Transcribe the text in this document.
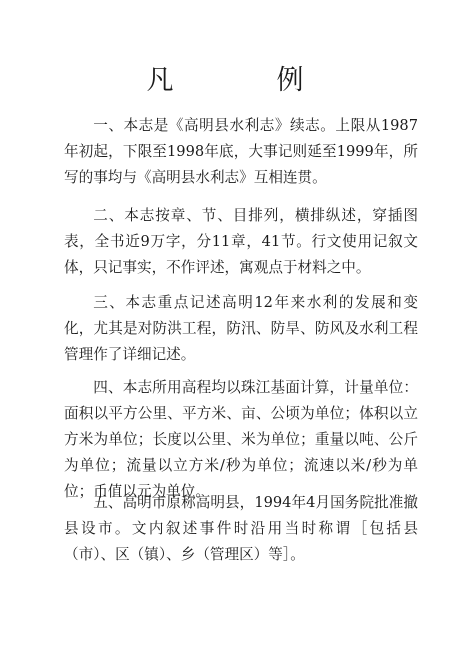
凡　例

一、本志是《高明县水利志》续志。上限从1987年初起，下限至1998年底，大事记则延至1999年，所写的事均与《高明县水利志》互相连贯。

二、本志按章、节、目排列，横排纵述，穿插图表，全书近9万字，分11章，41节。行文使用记叙文体，只记事实，不作评述，寓观点于材料之中。

三、本志重点记述高明12年来水利的发展和变化，尤其是对防洪工程，防汛、防旱、防风及水利工程管理作了详细记述。

四、本志所用高程均以珠江基面计算，计量单位：面积以平方公里、平方米、亩、公顷为单位；体积以立方米为单位；长度以公里、米为单位；重量以吨、公斤为单位；流量以立方米/秒为单位；流速以米/秒为单位；币值以元为单位。

五、高明市原称高明县，1994年4月国务院批准撤县设市。文内叙述事件时沿用当时称谓［包括县（市）、区（镇）、乡（管理区）等］。
